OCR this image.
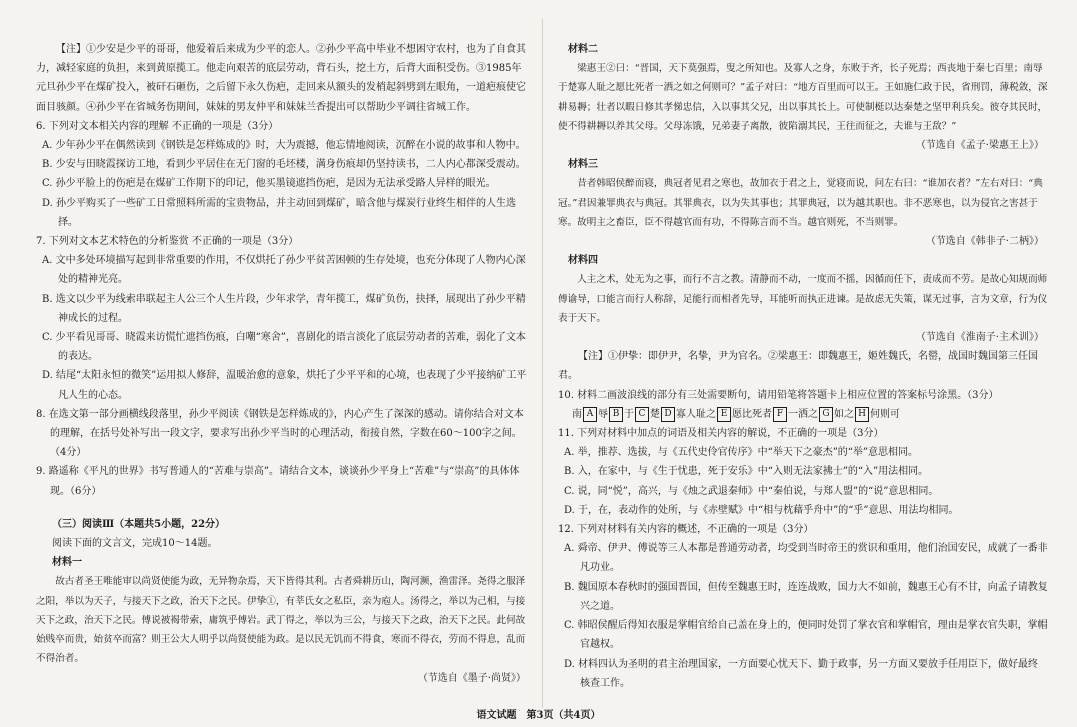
【注】①少安是少平的哥哥，他爱着后来成为少平的恋人。②孙少平高中毕业不想困守农村，也为了自食其力，减轻家庭的负担，来到黄原揽工。他走向艰苦的底层劳动，背石头，挖土方，后背大面积受伤。③1985年元旦孙少平在煤矿投入，被矸石砸伤，之后留下永久伤疤，走回来从额头的发梢起斜劈到左眼角，一道疤痕使它面目骇颜。④孙少平在省城务伤期间，妹妹的男友仲平和妹妹兰香提出可以帮助少平调往省城工作。

6. 下列对文本相关内容的理解 不正确的一项是（3分）

A. 少年孙少平在偶然读到《钢铁是怎样炼成的》时，大为震撼，他忘情地阅读，沉醉在小说的故事和人物中。

B. 少安与田晓霞探访工地，看到少平居住在无门窗的毛坯楼，满身伤痕却仍坚持读书，二人内心都深受震动。

C. 孙少平脸上的伤疤是在煤矿工作期下的印记，他买墨镜遮挡伤疤，是因为无法承受路人异样的眼光。

D. 孙少平购买了一些矿工日常照料所需的宝贵物品，并主动回到煤矿，暗含他与煤炭行业终生相伴的人生选择。

7. 下列对文本艺术特色的分析鉴赏 不正确的一项是（3分）

A. 文中多处环境描写起到非常重要的作用，不仅烘托了孙少平贫苦困顿的生存处境，也充分体现了人物内心深处的精神光亮。

B. 选文以少平为线索串联起主人公三个人生片段，少年求学，青年揽工，煤矿负伤，抉择，展现出了孙少平精神成长的过程。

C. 少平看见哥哥、晓霞来访慌忙遮挡伤痕，白嘲“寒舍”，喜剧化的语言淡化了底层劳动者的苦难，弱化了文本的表达。

D. 结尾“太阳永恒的微笑”运用拟人修辞，温暖治愈的意象，烘托了少平平和的心境，也表现了少平接纳矿工平凡人生的心态。

8. 在选文第一部分画横线段落里，孙少平阅读《钢铁是怎样炼成的》，内心产生了深深的感动。请你结合对文本的理解，在括号处补写出一段文字，要求写出孙少平当时的心理活动，衔接自然，字数在60～100字之间。（4分）

9. 路遥称《平凡的世界》书写普通人的“苦难与崇高”。请结合文本，谈谈孙少平身上“苦难”与“崇高”的具体体现。（6分）

（三）阅读Ⅲ（本题共5小题，22分）

阅读下面的文言文，完成10～14题。

材料一

故古者圣王唯能审以尚贤使能为政，无异物杂焉，天下皆得其利。古者舜耕历山，陶河濒，渔雷泽。尧得之服泽之阳，举以为天子，与接天下之政，治天下之民。伊挚①，有莘氏女之私臣，亲为庖人。汤得之，举以为己相，与接天下之政，治天下之民。傅说被褐带索，庸筑乎傅岩。武丁得之，举以为三公，与接天下之政，治天下之民。此何故始贱卒而贵，始贫卒而富？则王公大人明乎以尚贤使能为政。是以民无饥而不得食，寒而不得衣，劳而不得息，乱而不得治者。

（节选自《墨子·尚贤》）

材料二

梁惠王②曰：“晋国，天下莫强焉，叟之所知也。及寡人之身，东败于齐，长子死焉；西丧地于秦七百里；南辱于楚寡人耻之愿比死者一洒之如之何则可？”孟子对曰：“地方百里而可以王。王如施仁政于民，省刑罚，薄税敛，深耕易耨；壮者以暇日修其孝悌忠信，入以事其父兄，出以事其长上。可使制梃以达秦楚之坚甲利兵矣。彼夺其民时，使不得耕耨以养其父母。父母冻饿，兄弟妻子离散，彼陷溺其民，王往而征之，夫谁与王敌？”

（节选自《孟子·梁惠王上》）

材料三

昔者韩昭侯醉而寝，典冠者见君之寒也，故加衣于君之上，觉寝而说，问左右曰：“谁加衣者？”左右对曰：“典冠。”君因兼罪典衣与典冠。其罪典衣，以为失其事也；其罪典冠，以为越其职也。非不恶寒也，以为侵官之害甚于寒。故明主之畜臣，臣不得越官而有功，不得陈言而不当。越官则死，不当则罪。

（节选自《韩非子·二柄》）

材料四

人主之术，处无为之事，而行不言之教。清静而不动，一度而不摇，因循而任下，责成而不劳。是故心知规而师傅谕导，口能言而行人称辞，足能行而相者先导，耳能听而执正进谏。是故虑无失策，谋无过事，言为文章，行为仪表于天下。

（节选自《淮南子·主术训》）

【注】①伊挚：即伊尹，名挚，尹为官名。②梁惠王：即魏惠王，姬姓魏氏，名罃，战国时魏国第三任国君。

10. 材料二画波浪线的部分有三处需要断句，请用铅笔将答题卡上相应位置的答案标号涂黑。（3分）

南 A 辱 B 于 C 楚 D 寡人耻之 E 愿比死者 F 一洒之 G 如之 H 何则可

11. 下列对材料中加点的词语及相关内容的解说，不正确的一项是（3分）

A. 举，推荐、选拔，与《五代史伶官传序》中“举天下之豪杰”的“举”意思相同。

B. 入，在家中，与《生于忧患，死于安乐》中“入则无法家拂士”的“入”用法相同。

C. 说，同“悦”，高兴，与《烛之武退秦师》中“秦伯说，与郑人盟”的“说”意思相同。

D. 于，在，表动作的处所，与《赤壁赋》中“相与枕藉乎舟中”的“乎”意思、用法均相同。

12. 下列对材料有关内容的概述，不正确的一项是（3分）

A. 舜帝、伊尹、傅说等三人本都是普通劳动者，均受到当时帝王的赏识和重用，他们治国安民，成就了一番非凡功业。

B. 魏国原本春秋时的强国晋国，但传至魏惠王时，连连战败，国力大不如前，魏惠王心有不甘，向孟子请教复兴之道。

C. 韩昭侯醒后得知衣服是掌帽官给自己盖在身上的，便同时处罚了掌衣官和掌帽官，理由是掌衣官失职，掌帽官越权。

D. 材料四认为圣明的君主治理国家，一方面要心忧天下、勤于政事，另一方面又要放手任用臣下，做好最终核查工作。

语文试题　第3页（共4页）
